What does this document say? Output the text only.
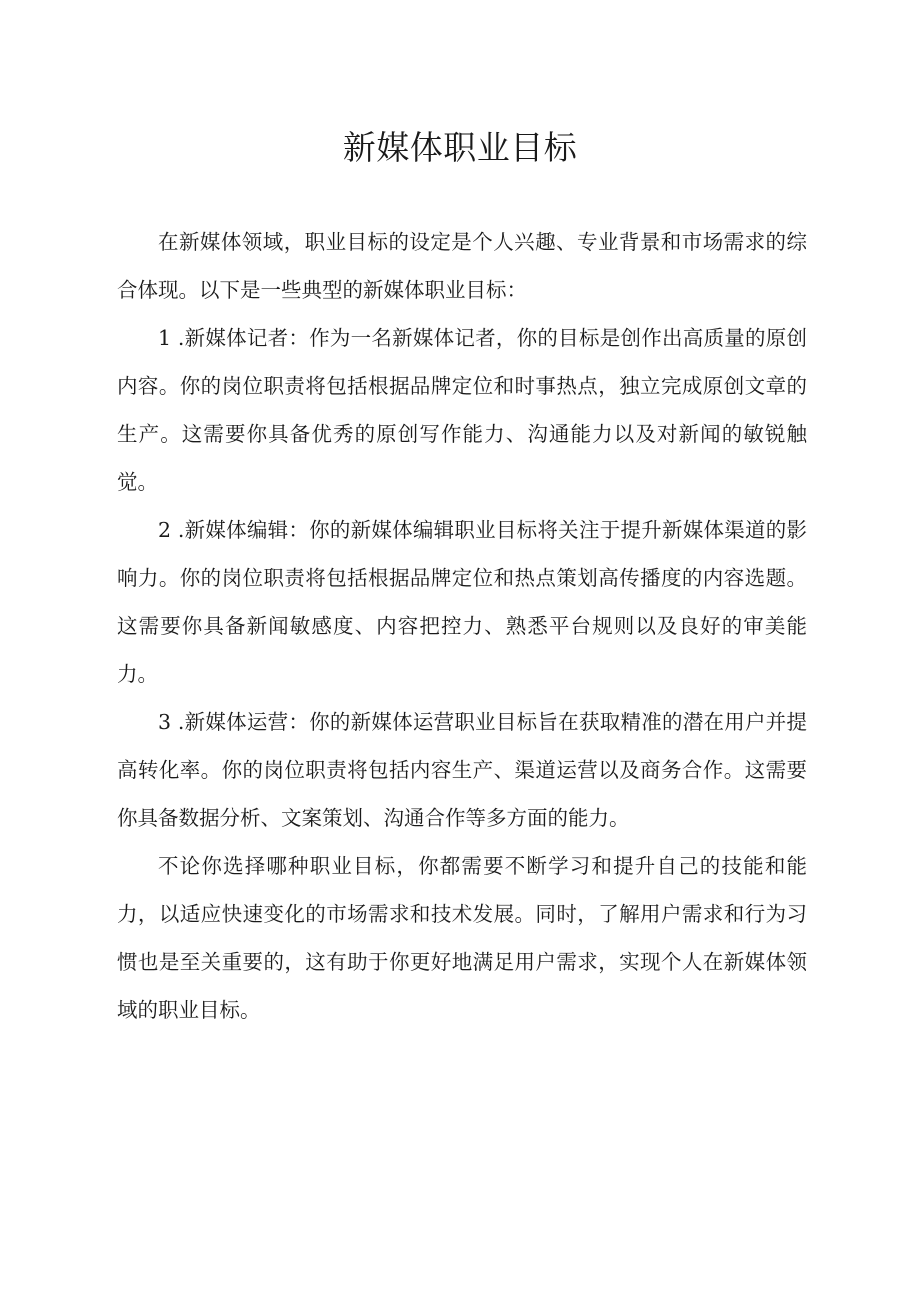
新媒体职业目标

在新媒体领域，职业目标的设定是个人兴趣、专业背景和市场需求的综合体现。以下是一些典型的新媒体职业目标：

1 .新媒体记者：作为一名新媒体记者，你的目标是创作出高质量的原创内容。你的岗位职责将包括根据品牌定位和时事热点，独立完成原创文章的生产。这需要你具备优秀的原创写作能力、沟通能力以及对新闻的敏锐触觉。

2 .新媒体编辑：你的新媒体编辑职业目标将关注于提升新媒体渠道的影响力。你的岗位职责将包括根据品牌定位和热点策划高传播度的内容选题。这需要你具备新闻敏感度、内容把控力、熟悉平台规则以及良好的审美能力。

3 .新媒体运营：你的新媒体运营职业目标旨在获取精准的潜在用户并提高转化率。你的岗位职责将包括内容生产、渠道运营以及商务合作。这需要你具备数据分析、文案策划、沟通合作等多方面的能力。

不论你选择哪种职业目标，你都需要不断学习和提升自己的技能和能力，以适应快速变化的市场需求和技术发展。同时，了解用户需求和行为习惯也是至关重要的，这有助于你更好地满足用户需求，实现个人在新媒体领域的职业目标。
